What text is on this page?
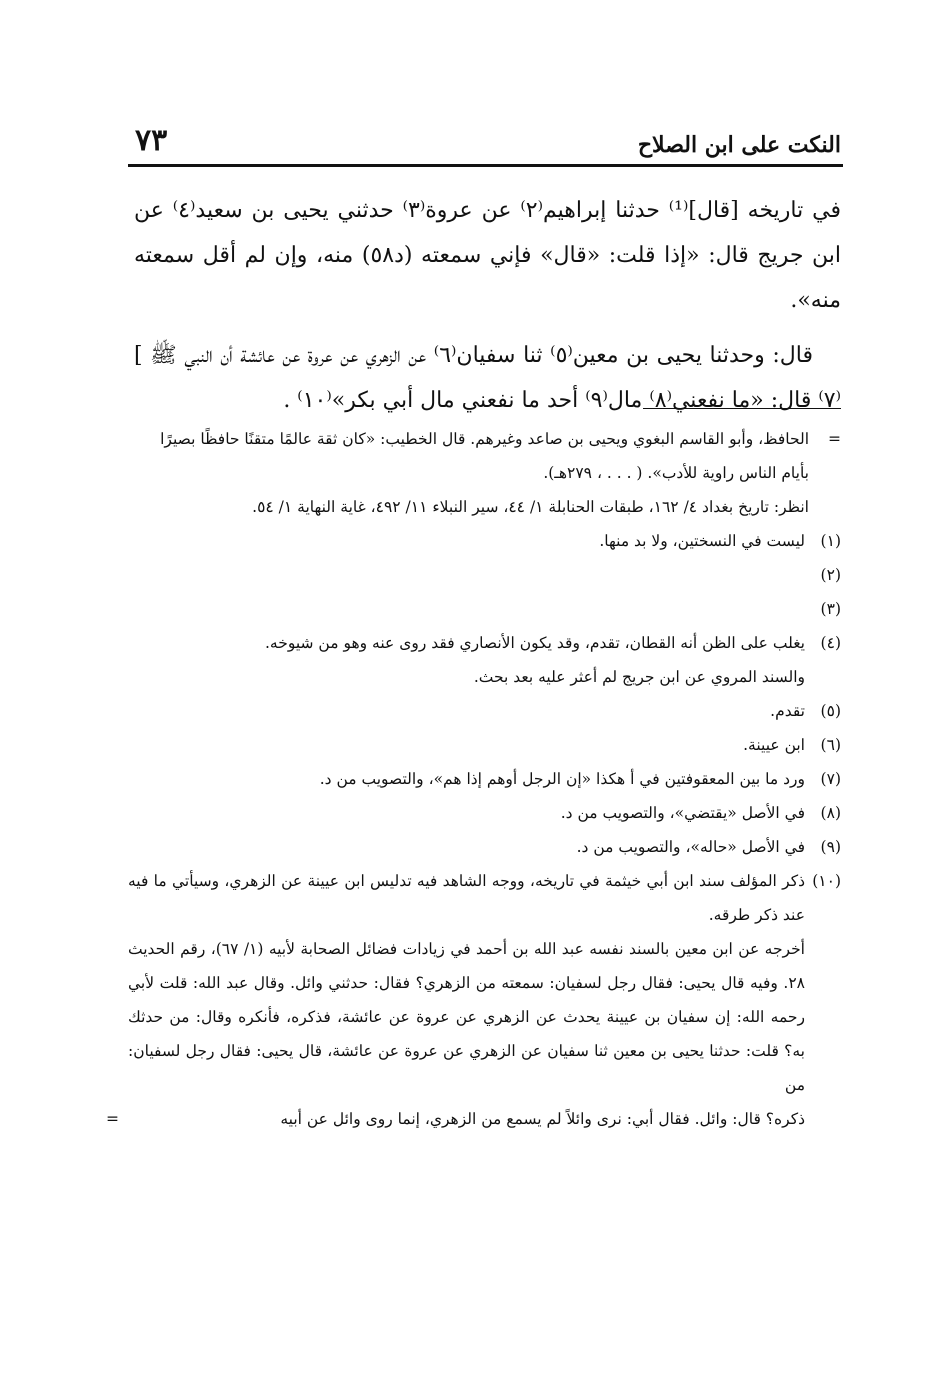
النكت على ابن الصلاح
٧٣

في تاريخه [قال]⁽¹⁾ حدثنا إبراهيم⁽٢⁾ عن عروة⁽٣⁾ حدثني يحيى بن سعيد⁽٤⁾ عن ابن جريج قال: «إذا قلت: «قال» فإني سمعته (د٥٨) منه، وإن لم أقل سمعته منه».

قال: وحدثنا يحيى بن معين⁽٥⁾ ثنا سفيان⁽٦⁾ عن الزهري عن عروة عن عائشة أن النبي ﷺ ]⁽٧⁾ قال: «ما نفعني⁽٨⁾ مال⁽٩⁾ أحد ما نفعني مال أبي بكر»⁽١٠⁾ .

=

الحافظ، وأبو القاسم البغوي ويحيى بن صاعد وغيرهم. قال الخطيب: «كان ثقة عالمًا متقنًا حافظًا بصيرًا بأيام الناس راوية للأدب». ( . . . ، ٢٧٩هـ).

انظر: تاريخ بغداد ٤/ ١٦٢، طبقات الحنابلة ١/ ٤٤، سير النبلاء ١١/ ٤٩٢، غاية النهاية ١/ ٥٤.

(١)

ليست في النسختين، ولا بد منها.

(٢)

(٣)

(٤)

يغلب على الظن أنه القطان، تقدم، وقد يكون الأنصاري فقد روى عنه وهو من شيوخه.

والسند المروي عن ابن جريج لم أعثر عليه بعد بحث.

(٥)

تقدم.

(٦)

ابن عيينة.

(٧)

ورد ما بين المعقوفتين في أ هكذا «إن الرجل أوهم إذا هم»، والتصويب من د.

(٨)

في الأصل «يقتضي»، والتصويب من د.

(٩)

في الأصل «حاله»، والتصويب من د.

(١٠)

ذكر المؤلف سند ابن أبي خيثمة في تاريخه، ووجه الشاهد فيه تدليس ابن عيينة عن الزهري، وسيأتي ما فيه عند ذكر طرقه.

أخرجه عن ابن معين بالسند نفسه عبد الله بن أحمد في زيادات فضائل الصحابة لأبيه (١/ ٦٧)، رقم الحديث ٢٨. وفيه قال يحيى: فقال رجل لسفيان: سمعته من الزهري؟ فقال: حدثني وائل. وقال عبد الله: قلت لأبي رحمه الله: إن سفيان بن عيينة يحدث عن الزهري عن عروة عن عائشة، فذكره، فأنكره وقال: من حدثك به؟ قلت: حدثنا يحيى بن معين ثنا سفيان عن الزهري عن عروة عن عائشة، قال يحيى: فقال رجل لسفيان: من

ذكره؟ قال: وائل. فقال أبي: نرى وائلاً لم يسمع من الزهري، إنما روى وائل عن أبيه
=
